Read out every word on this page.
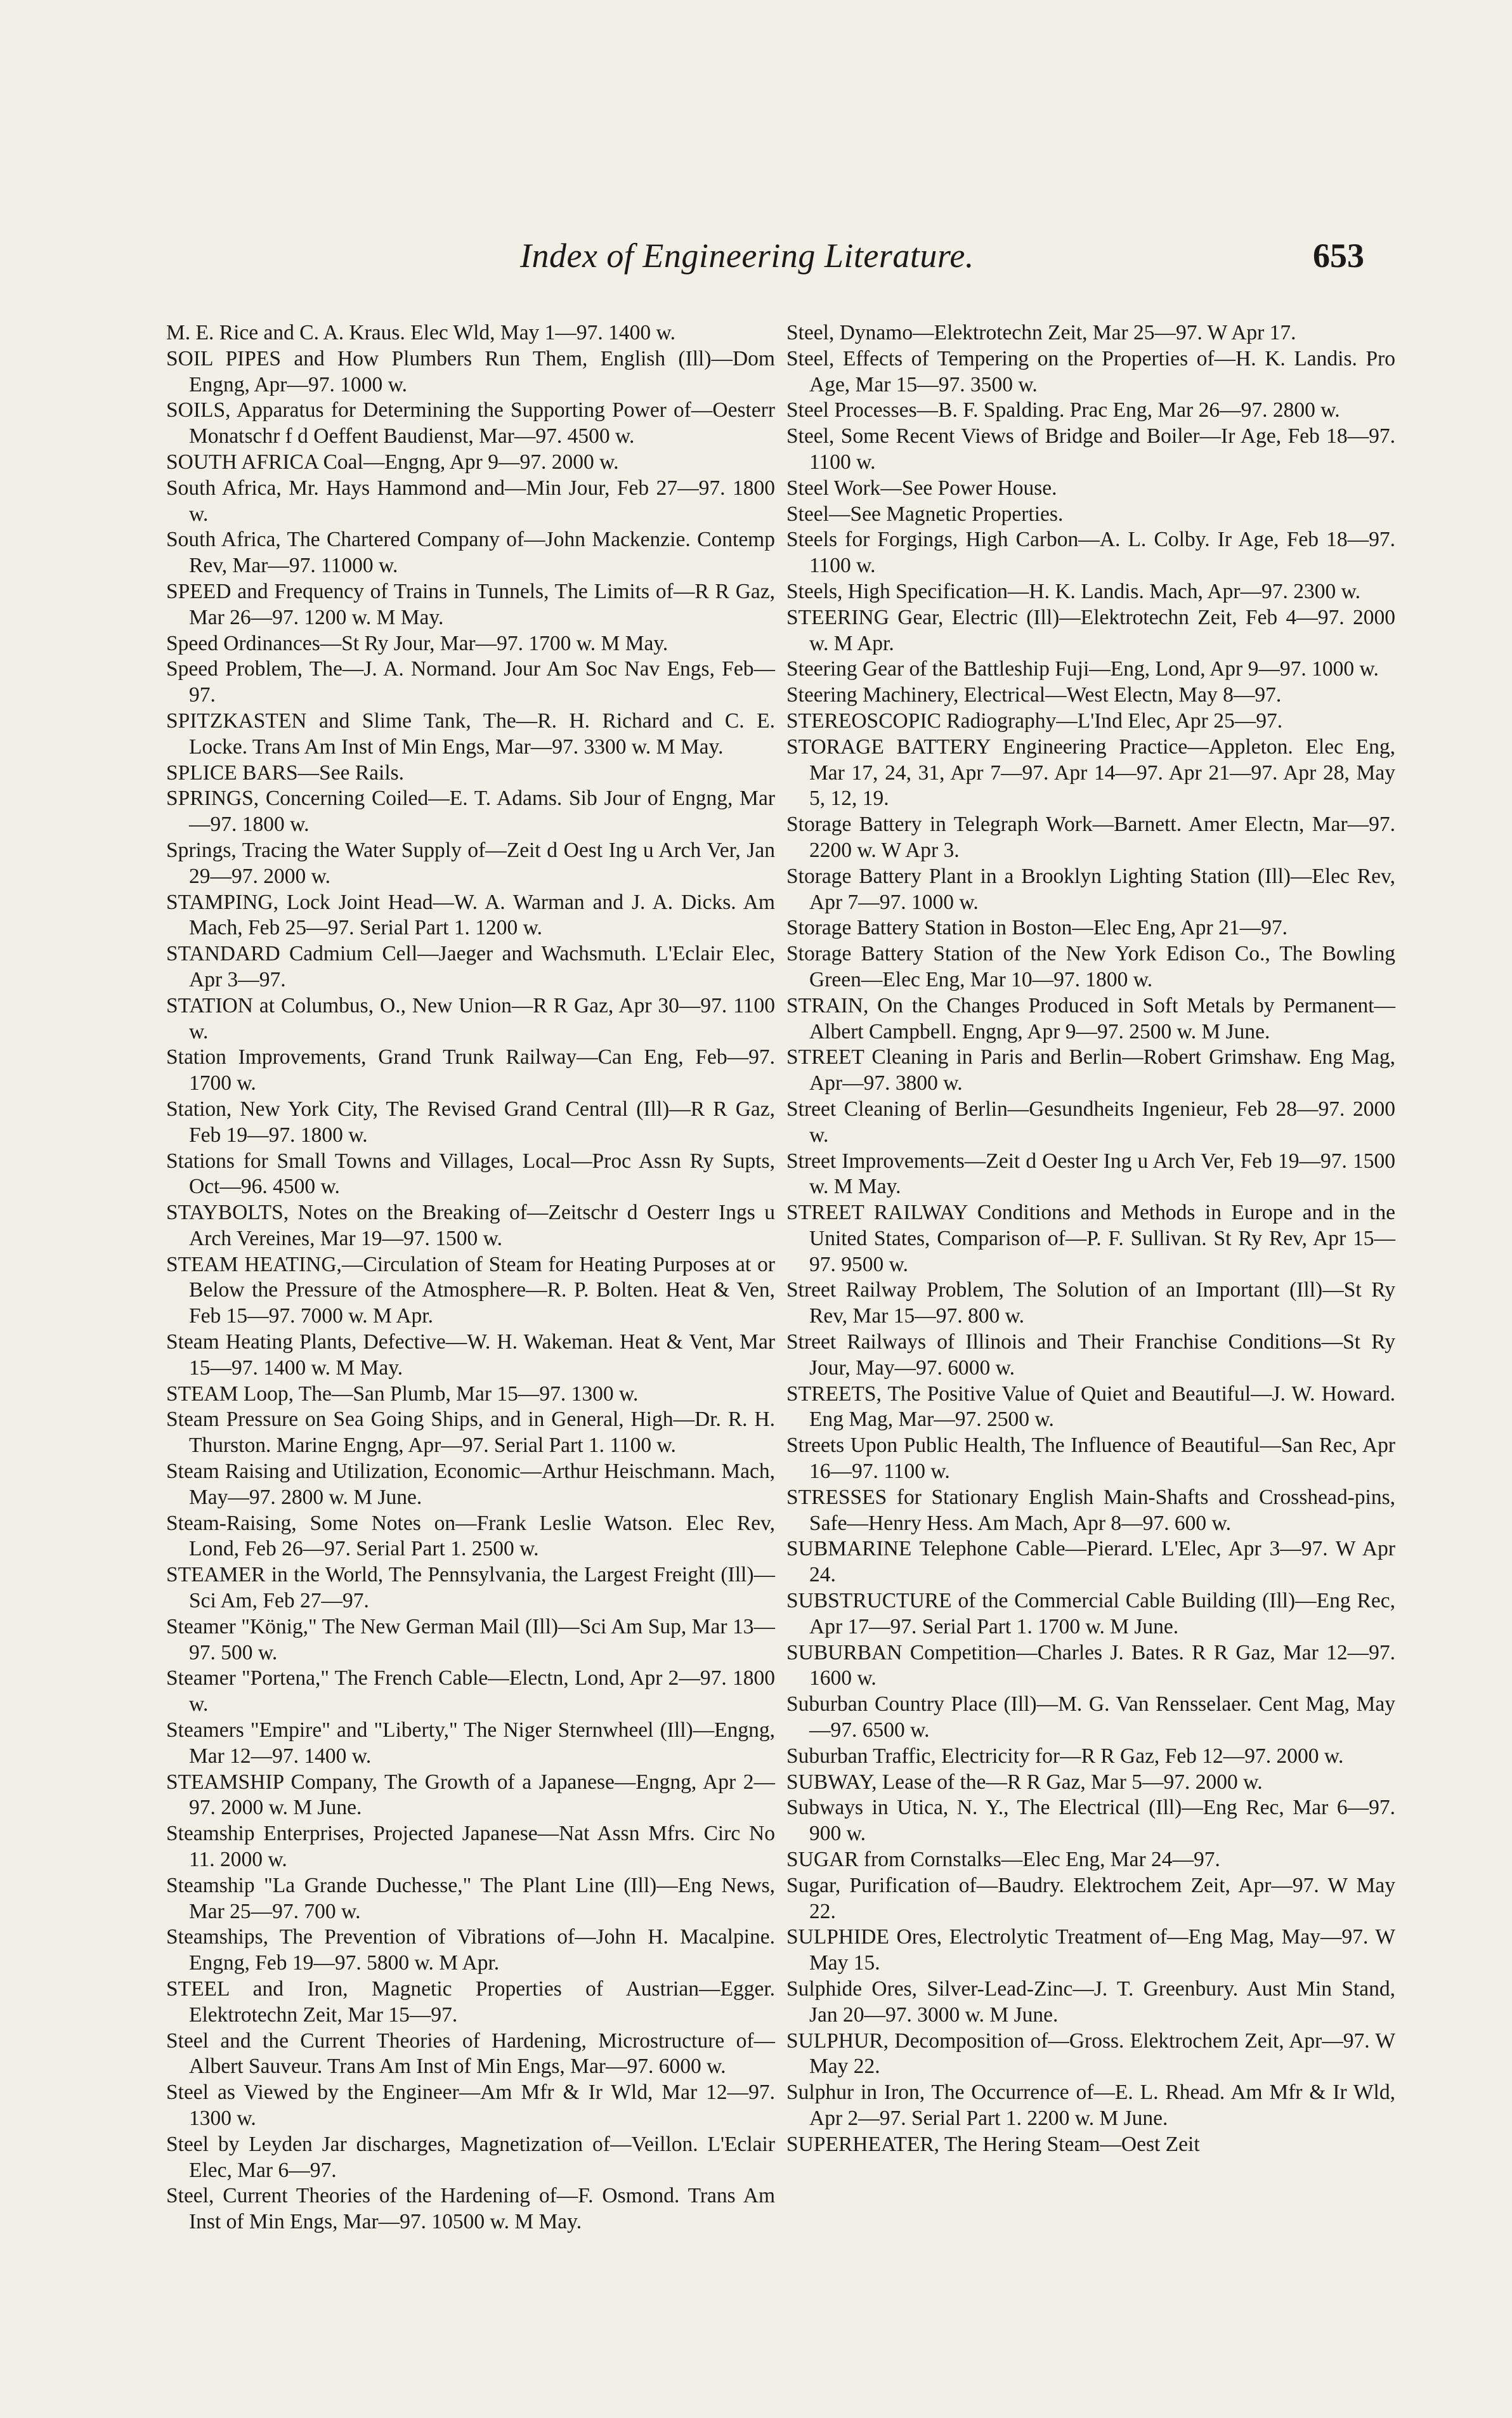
Index of Engineering Literature.	653

M. E. Rice and C. A. Kraus. Elec Wld, May 1—97. 1400 w.

SOIL PIPES and How Plumbers Run Them, English (Ill)—Dom Engng, Apr—97. 1000 w.

SOILS, Apparatus for Determining the Supporting Power of—Oesterr Monatschr f d Oeffent Baudienst, Mar—97. 4500 w.

SOUTH AFRICA Coal—Engng, Apr 9—97. 2000 w.

South Africa, Mr. Hays Hammond and—Min Jour, Feb 27—97. 1800 w.

South Africa, The Chartered Company of—John Mackenzie. Contemp Rev, Mar—97. 11000 w.

SPEED and Frequency of Trains in Tunnels, The Limits of—R R Gaz, Mar 26—97. 1200 w. M May.

Speed Ordinances—St Ry Jour, Mar—97. 1700 w. M May.

Speed Problem, The—J. A. Normand. Jour Am Soc Nav Engs, Feb—97.

SPITZKASTEN and Slime Tank, The—R. H. Richard and C. E. Locke. Trans Am Inst of Min Engs, Mar—97. 3300 w. M May.

SPLICE BARS—See Rails.

SPRINGS, Concerning Coiled—E. T. Adams. Sib Jour of Engng, Mar—97. 1800 w.

Springs, Tracing the Water Supply of—Zeit d Oest Ing u Arch Ver, Jan 29—97. 2000 w.

STAMPING, Lock Joint Head—W. A. Warman and J. A. Dicks. Am Mach, Feb 25—97. Serial Part 1. 1200 w.

STANDARD Cadmium Cell—Jaeger and Wachsmuth. L'Eclair Elec, Apr 3—97.

STATION at Columbus, O., New Union—R R Gaz, Apr 30—97. 1100 w.

Station Improvements, Grand Trunk Railway—Can Eng, Feb—97. 1700 w.

Station, New York City, The Revised Grand Central (Ill)—R R Gaz, Feb 19—97. 1800 w.

Stations for Small Towns and Villages, Local—Proc Assn Ry Supts, Oct—96. 4500 w.

STAYBOLTS, Notes on the Breaking of—Zeitschr d Oesterr Ings u Arch Vereines, Mar 19—97. 1500 w.

STEAM HEATING,—Circulation of Steam for Heating Purposes at or Below the Pressure of the Atmosphere—R. P. Bolten. Heat & Ven, Feb 15—97. 7000 w. M Apr.

Steam Heating Plants, Defective—W. H. Wakeman. Heat & Vent, Mar 15—97. 1400 w. M May.

STEAM Loop, The—San Plumb, Mar 15—97. 1300 w.

Steam Pressure on Sea Going Ships, and in General, High—Dr. R. H. Thurston. Marine Engng, Apr—97. Serial Part 1. 1100 w.

Steam Raising and Utilization, Economic—Arthur Heischmann. Mach, May—97. 2800 w. M June.

Steam-Raising, Some Notes on—Frank Leslie Watson. Elec Rev, Lond, Feb 26—97. Serial Part 1. 2500 w.

STEAMER in the World, The Pennsylvania, the Largest Freight (Ill)—Sci Am, Feb 27—97.

Steamer "König," The New German Mail (Ill)—Sci Am Sup, Mar 13—97. 500 w.

Steamer "Portena," The French Cable—Electn, Lond, Apr 2—97. 1800 w.

Steamers "Empire" and "Liberty," The Niger Sternwheel (Ill)—Engng, Mar 12—97. 1400 w.

STEAMSHIP Company, The Growth of a Japanese—Engng, Apr 2—97. 2000 w. M June.

Steamship Enterprises, Projected Japanese—Nat Assn Mfrs. Circ No 11. 2000 w.

Steamship "La Grande Duchesse," The Plant Line (Ill)—Eng News, Mar 25—97. 700 w.

Steamships, The Prevention of Vibrations of—John H. Macalpine. Engng, Feb 19—97. 5800 w. M Apr.

STEEL and Iron, Magnetic Properties of Austrian—Egger. Elektrotechn Zeit, Mar 15—97.

Steel and the Current Theories of Hardening, Microstructure of—Albert Sauveur. Trans Am Inst of Min Engs, Mar—97. 6000 w.

Steel as Viewed by the Engineer—Am Mfr & Ir Wld, Mar 12—97. 1300 w.

Steel by Leyden Jar discharges, Magnetization of—Veillon. L'Eclair Elec, Mar 6—97.

Steel, Current Theories of the Hardening of—F. Osmond. Trans Am Inst of Min Engs, Mar—97. 10500 w. M May.

Steel, Dynamo—Elektrotechn Zeit, Mar 25—97. W Apr 17.

Steel, Effects of Tempering on the Properties of—H. K. Landis. Pro Age, Mar 15—97. 3500 w.

Steel Processes—B. F. Spalding. Prac Eng, Mar 26—97. 2800 w.

Steel, Some Recent Views of Bridge and Boiler—Ir Age, Feb 18—97. 1100 w.

Steel Work—See Power House.

Steel—See Magnetic Properties.

Steels for Forgings, High Carbon—A. L. Colby. Ir Age, Feb 18—97. 1100 w.

Steels, High Specification—H. K. Landis. Mach, Apr—97. 2300 w.

STEERING Gear, Electric (Ill)—Elektrotechn Zeit, Feb 4—97. 2000 w. M Apr.

Steering Gear of the Battleship Fuji—Eng, Lond, Apr 9—97. 1000 w.

Steering Machinery, Electrical—West Electn, May 8—97.

STEREOSCOPIC Radiography—L'Ind Elec, Apr 25—97.

STORAGE BATTERY Engineering Practice—Appleton. Elec Eng, Mar 17, 24, 31, Apr 7—97. Apr 14—97. Apr 21—97. Apr 28, May 5, 12, 19.

Storage Battery in Telegraph Work—Barnett. Amer Electn, Mar—97. 2200 w. W Apr 3.

Storage Battery Plant in a Brooklyn Lighting Station (Ill)—Elec Rev, Apr 7—97. 1000 w.

Storage Battery Station in Boston—Elec Eng, Apr 21—97.

Storage Battery Station of the New York Edison Co., The Bowling Green—Elec Eng, Mar 10—97. 1800 w.

STRAIN, On the Changes Produced in Soft Metals by Permanent—Albert Campbell. Engng, Apr 9—97. 2500 w. M June.

STREET Cleaning in Paris and Berlin—Robert Grimshaw. Eng Mag, Apr—97. 3800 w.

Street Cleaning of Berlin—Gesundheits Ingenieur, Feb 28—97. 2000 w.

Street Improvements—Zeit d Oester Ing u Arch Ver, Feb 19—97. 1500 w. M May.

STREET RAILWAY Conditions and Methods in Europe and in the United States, Comparison of—P. F. Sullivan. St Ry Rev, Apr 15—97. 9500 w.

Street Railway Problem, The Solution of an Important (Ill)—St Ry Rev, Mar 15—97. 800 w.

Street Railways of Illinois and Their Franchise Conditions—St Ry Jour, May—97. 6000 w.

STREETS, The Positive Value of Quiet and Beautiful—J. W. Howard. Eng Mag, Mar—97. 2500 w.

Streets Upon Public Health, The Influence of Beautiful—San Rec, Apr 16—97. 1100 w.

STRESSES for Stationary English Main-Shafts and Crosshead-pins, Safe—Henry Hess. Am Mach, Apr 8—97. 600 w.

SUBMARINE Telephone Cable—Pierard. L'Elec, Apr 3—97. W Apr 24.

SUBSTRUCTURE of the Commercial Cable Building (Ill)—Eng Rec, Apr 17—97. Serial Part 1. 1700 w. M June.

SUBURBAN Competition—Charles J. Bates. R R Gaz, Mar 12—97. 1600 w.

Suburban Country Place (Ill)—M. G. Van Rensselaer. Cent Mag, May—97. 6500 w.

Suburban Traffic, Electricity for—R R Gaz, Feb 12—97. 2000 w.

SUBWAY, Lease of the—R R Gaz, Mar 5—97. 2000 w.

Subways in Utica, N. Y., The Electrical (Ill)—Eng Rec, Mar 6—97. 900 w.

SUGAR from Cornstalks—Elec Eng, Mar 24—97.

Sugar, Purification of—Baudry. Elektrochem Zeit, Apr—97. W May 22.

SULPHIDE Ores, Electrolytic Treatment of—Eng Mag, May—97. W May 15.

Sulphide Ores, Silver-Lead-Zinc—J. T. Greenbury. Aust Min Stand, Jan 20—97. 3000 w. M June.

SULPHUR, Decomposition of—Gross. Elektrochem Zeit, Apr—97. W May 22.

Sulphur in Iron, The Occurrence of—E. L. Rhead. Am Mfr & Ir Wld, Apr 2—97. Serial Part 1. 2200 w. M June.

SUPERHEATER, The Hering Steam—Oest Zeit
